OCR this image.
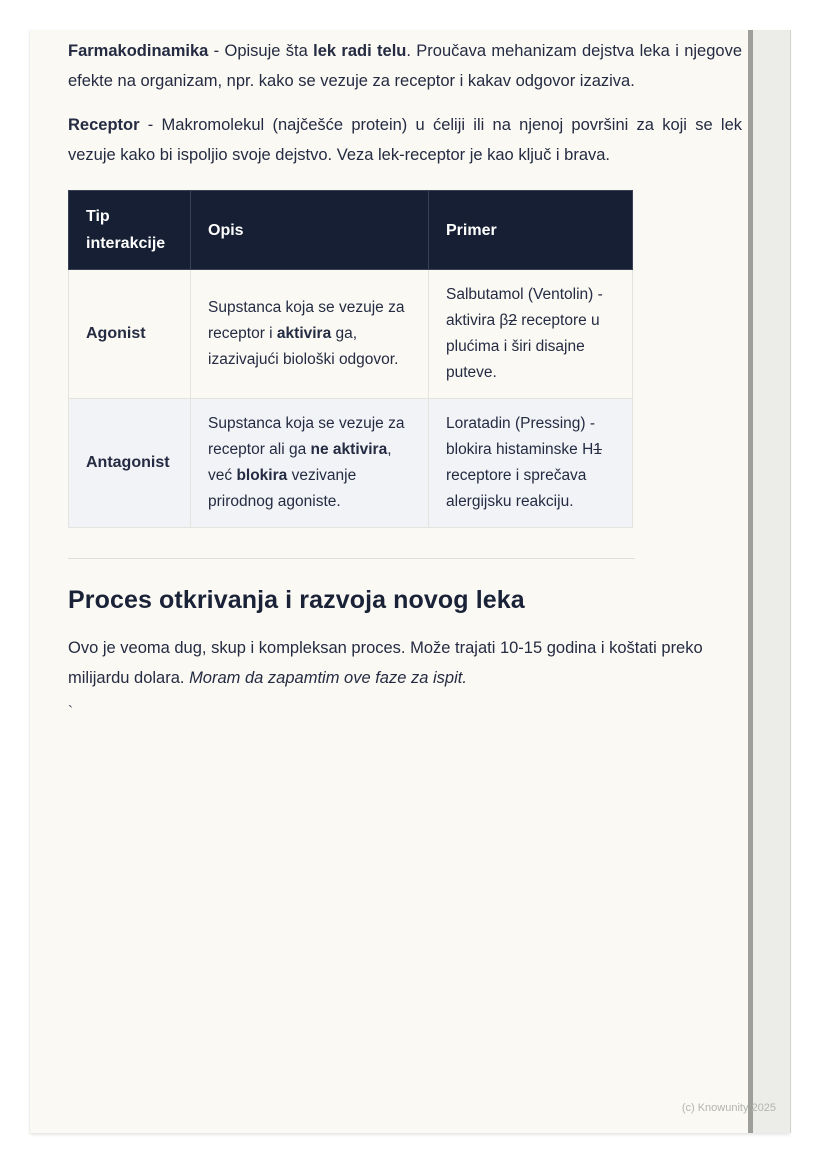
Farmakodinamika - Opisuje šta lek radi telu. Proučava mehanizam dejstva leka i njegove efekte na organizam, npr. kako se vezuje za receptor i kakav odgovor izaziva.

Receptor - Makromolekul (najčešće protein) u ćeliji ili na njenoj površini za koji se lek vezuje kako bi ispoljio svoje dejstvo. Veza lek-receptor je kao ključ i brava.

Tip interakcije	Opis	Primer
Agonist	Supstanca koja se vezuje za receptor i aktivira ga, izazivajući biološki odgovor.	Salbutamol (Ventolin) - aktivira β2 receptore u plućima i širi disajne puteve.
Antagonist	Supstanca koja se vezuje za receptor ali ga ne aktivira, već blokira vezivanje prirodnog agoniste.	Loratadin (Pressing) - blokira histaminske H1 receptore i sprečava alergijsku reakciju.
Proces otkrivanja i razvoja novog leka

Ovo je veoma dug, skup i kompleksan proces. Može trajati 10-15 godina i koštati preko milijardu dolara. Moram da zapamtim ove faze za ispit.

`

(c) Knowunity 2025
